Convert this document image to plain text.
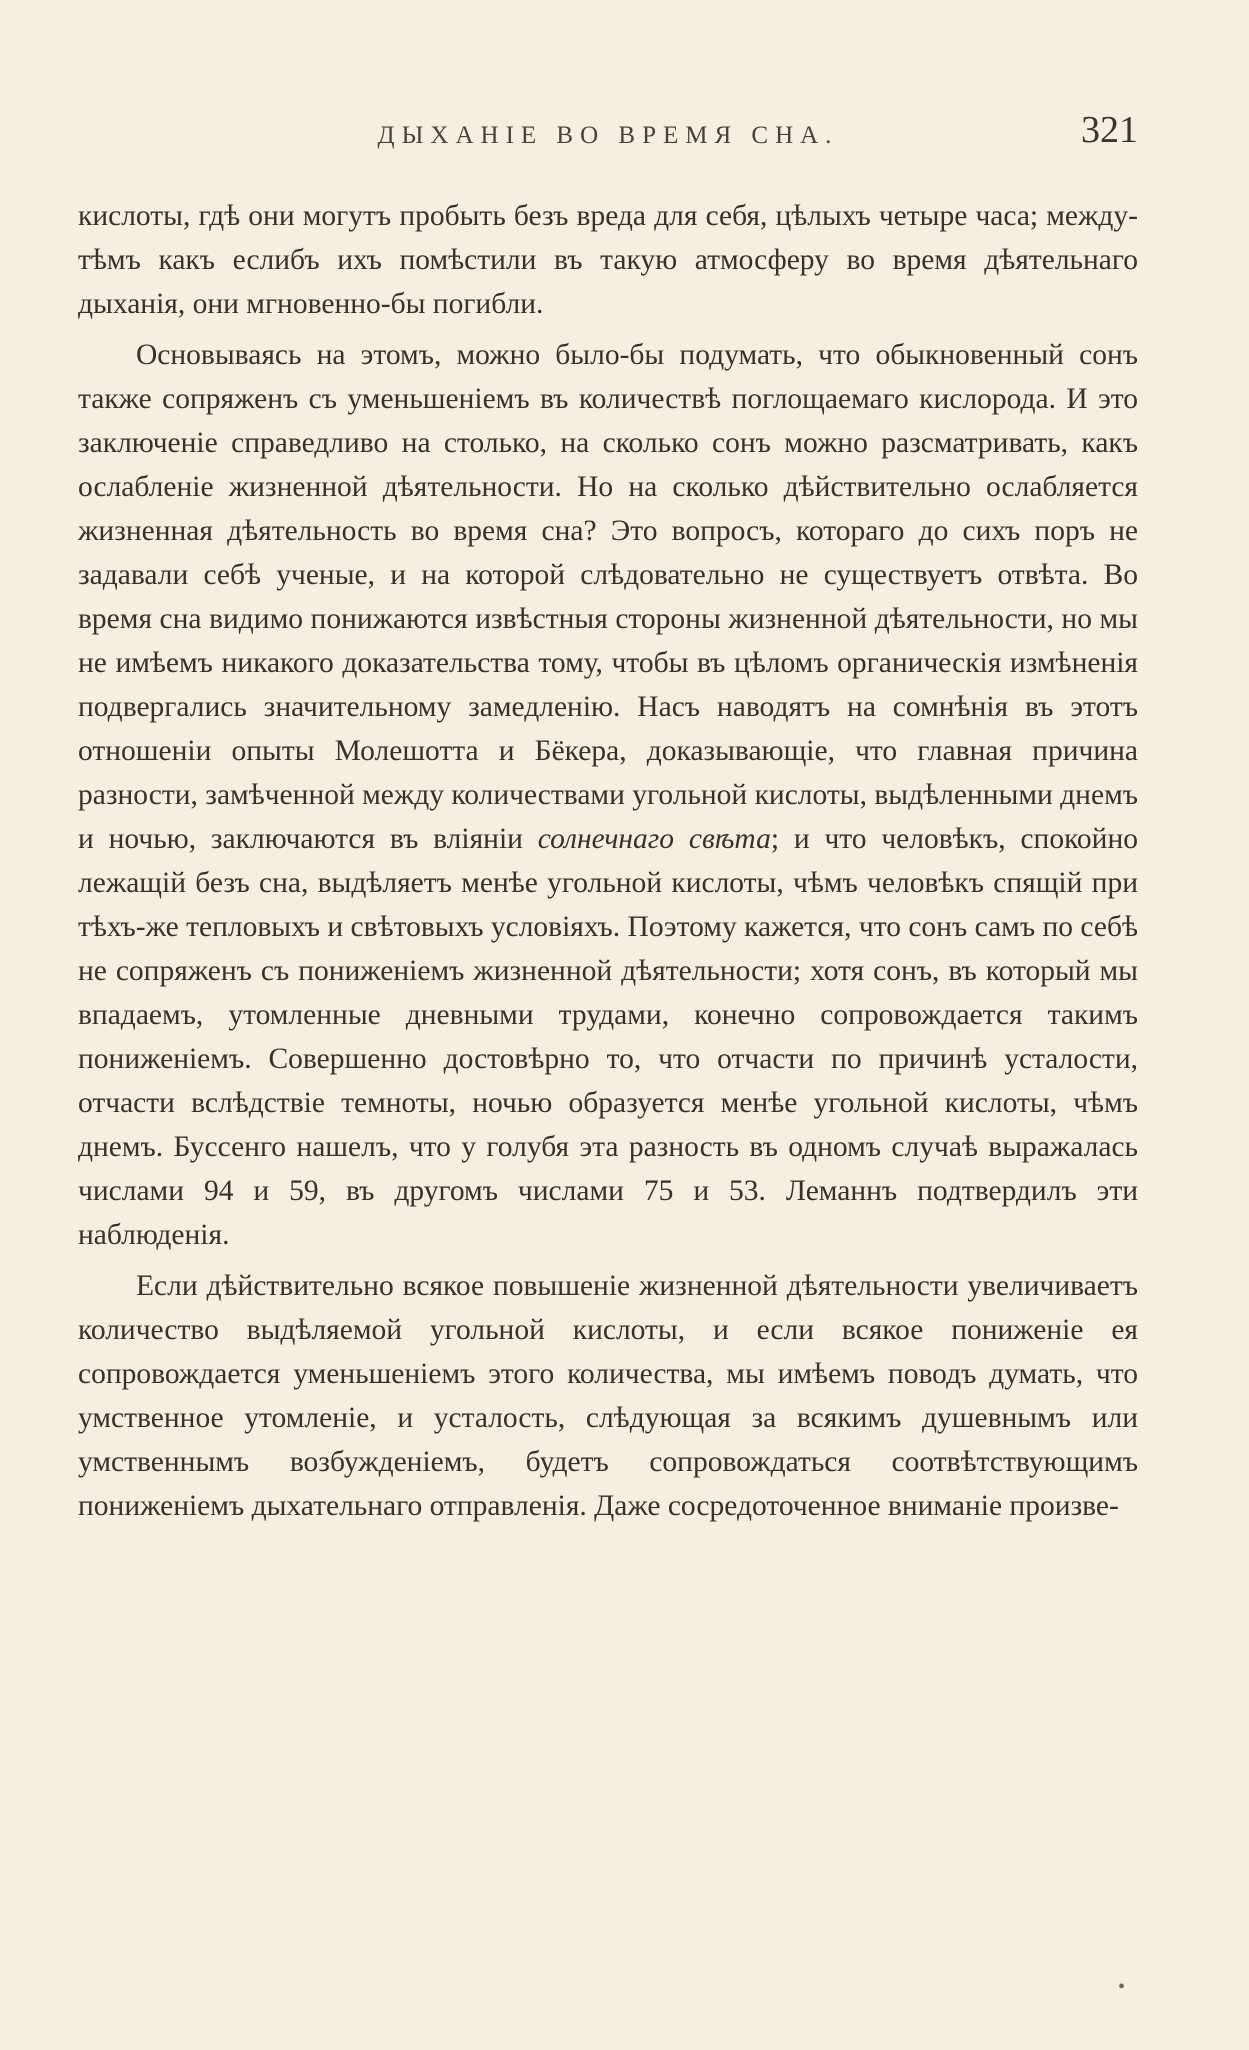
ДЫХАНІЕ ВО ВРЕМЯ СНА.	321

кислоты, гдѣ они могутъ пробыть безъ вреда для себя, цѣлыхъ четыре часа; между-тѣмъ какъ еслибъ ихъ помѣстили въ такую атмосферу во время дѣятельнаго дыханія, они мгновенно-бы погибли.

Основываясь на этомъ, можно было-бы подумать, что обыкновенный сонъ также сопряженъ съ уменьшеніемъ въ количествѣ поглощаемаго кислорода. И это заключеніе справедливо на столько, на сколько сонъ можно разсматривать, какъ ослабленіе жизненной дѣятельности. Но на сколько дѣйствительно ослабляется жизненная дѣятельность во время сна? Это вопросъ, котораго до сихъ поръ не задавали себѣ ученые, и на которой слѣдовательно не существуетъ отвѣта. Во время сна видимо понижаются извѣстныя стороны жизненной дѣятельности, но мы не имѣемъ никакого доказательства тому, чтобы въ цѣломъ органическія измѣненія подвергались значительному замедленію. Насъ наводятъ на сомнѣнія въ этотъ отношеніи опыты Молешотта и Бёкера, доказывающіе, что главная причина разности, замѣченной между количествами угольной кислоты, выдѣленными днемъ и ночью, заключаются въ вліяніи солнечнаго свѣта; и что человѣкъ, спокойно лежащій безъ сна, выдѣляетъ менѣе угольной кислоты, чѣмъ человѣкъ спящій при тѣхъ-же тепловыхъ и свѣтовыхъ условіяхъ. Поэтому кажется, что сонъ самъ по себѣ не сопряженъ съ пониженіемъ жизненной дѣятельности; хотя сонъ, въ который мы впадаемъ, утомленные дневными трудами, конечно сопровождается такимъ пониженіемъ. Совершенно достовѣрно то, что отчасти по причинѣ усталости, отчасти вслѣдствіе темноты, ночью образуется менѣе угольной кислоты, чѣмъ днемъ. Буссенго нашелъ, что у голубя эта разность въ одномъ случаѣ выражалась числами 94 и 59, въ другомъ числами 75 и 53. Леманнъ подтвердилъ эти наблюденія.

Если дѣйствительно всякое повышеніе жизненной дѣятельности увеличиваетъ количество выдѣляемой угольной кислоты, и если всякое пониженіе ея сопровождается уменьшеніемъ этого количества, мы имѣемъ поводъ думать, что умственное утомленіе, и усталость, слѣдующая за всякимъ душевнымъ или умственнымъ возбужденіемъ, будетъ сопровождаться соотвѣтствующимъ пониженіемъ дыхательнаго отправленія. Даже сосредоточенное вниманіе произве-

•
